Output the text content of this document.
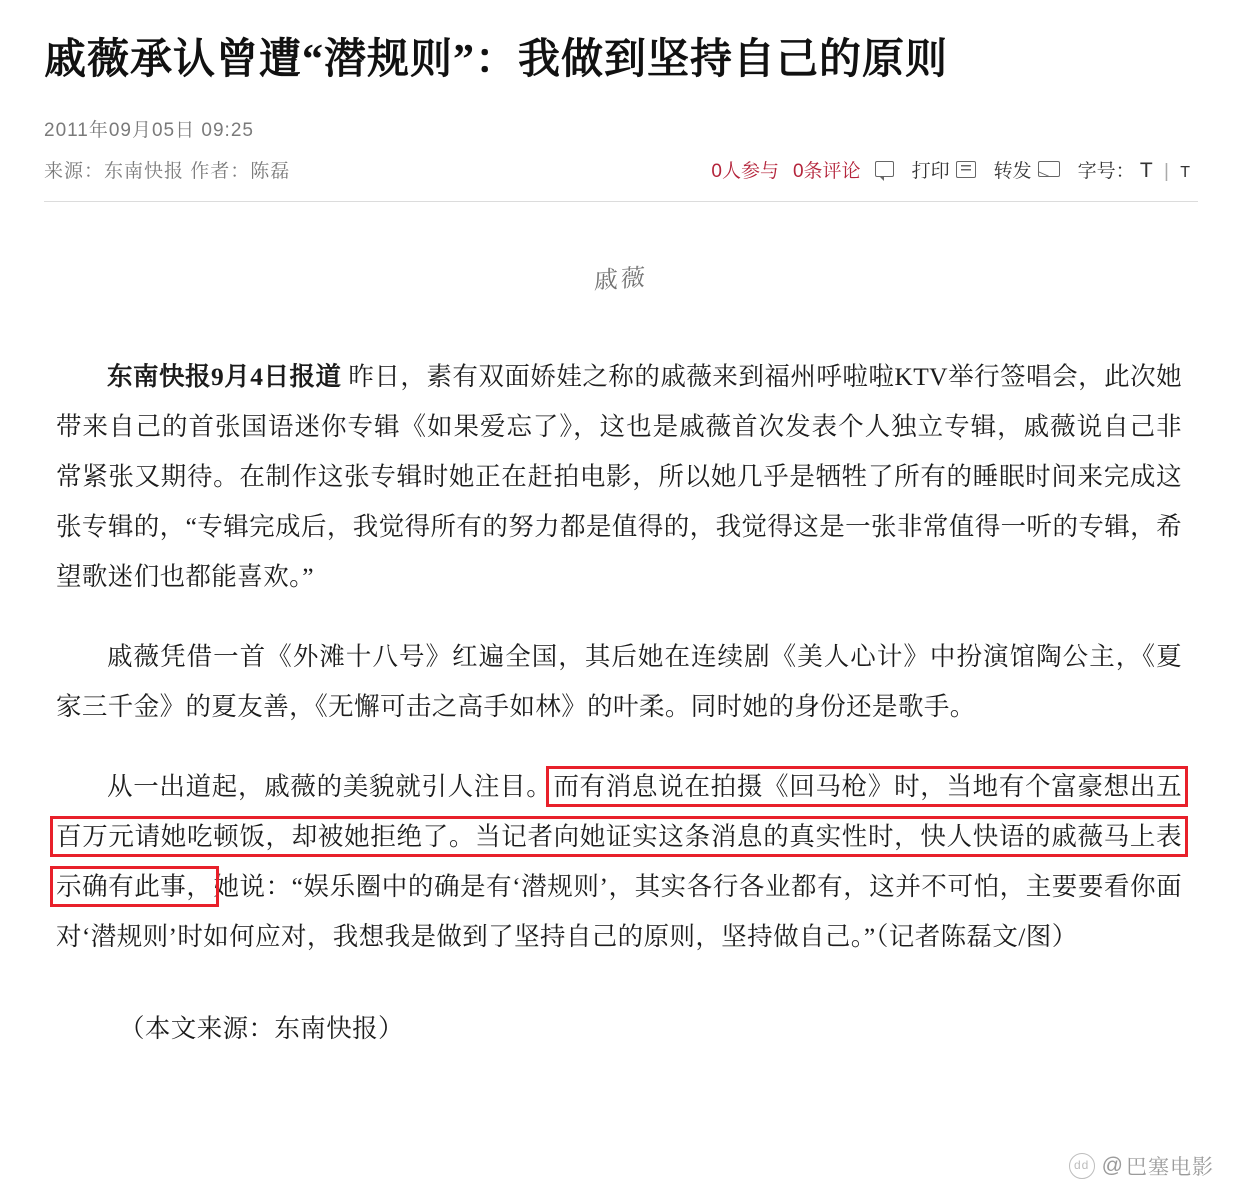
戚薇承认曾遭“潜规则”：我做到坚持自己的原则
2011年09月05日 09:25
来源：东南快报 作者：陈磊	0人参与 0条评论	打印 转发 字号： T | T
戚薇

东南快报9月4日报道 昨日，素有双面娇娃之称的戚薇来到福州呼啦啦KTV举行签唱会，此次她带来自己的首张国语迷你专辑《如果爱忘了》，这也是戚薇首次发表个人独立专辑，戚薇说自己非常紧张又期待。在制作这张专辑时她正在赶拍电影，所以她几乎是牺牲了所有的睡眠时间来完成这张专辑的，“专辑完成后，我觉得所有的努力都是值得的，我觉得这是一张非常值得一听的专辑，希望歌迷们也都能喜欢。”

戚薇凭借一首《外滩十八号》红遍全国，其后她在连续剧《美人心计》中扮演馆陶公主，《夏家三千金》的夏友善，《无懈可击之高手如林》的叶柔。同时她的身份还是歌手。

从一出道起，戚薇的美貌就引人注目。而有消息说在拍摄《回马枪》时，当地有个富豪想出五百万元请她吃顿饭，却被她拒绝了。当记者向她证实这条消息的真实性时，快人快语的戚薇马上表示确有此事，她说：“娱乐圈中的确是有‘潜规则’，其实各行各业都有，这并不可怕，主要要看你面对‘潜规则’时如何应对，我想我是做到了坚持自己的原则，坚持做自己。”（记者陈磊文/图）

（本文来源：东南快报）
dd @ 巴塞电影
